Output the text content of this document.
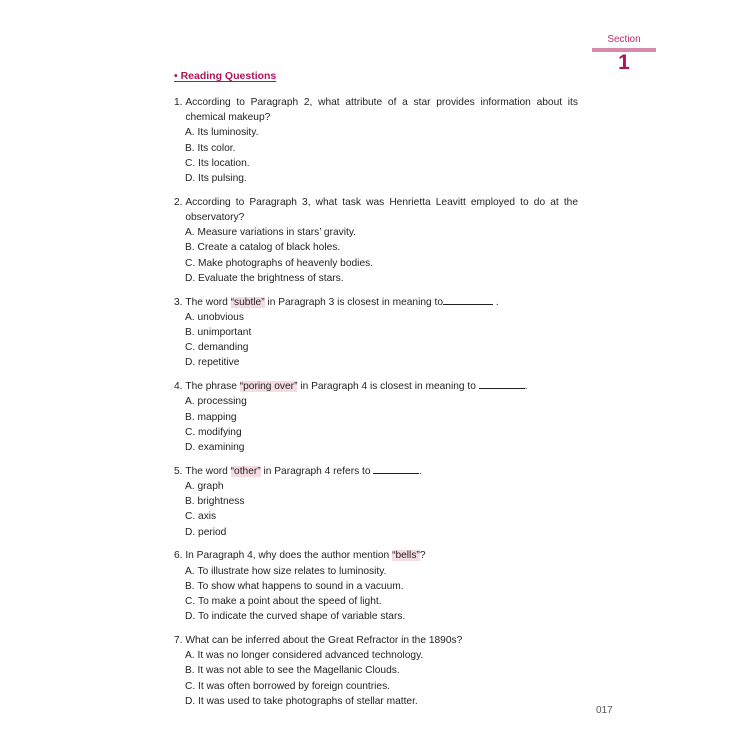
Section
1
• Reading Questions
1. According to Paragraph 2, what attribute of a star provides information about its chemical makeup?
A.
Its luminosity.
B.
Its color.
C.
Its location.
D.
Its pulsing.
2. According to Paragraph 3, what task was Henrietta Leavitt employed to do at the observatory?
A.
Measure variations in stars’ gravity.
B.
Create a catalog of black holes.
C.
Make photographs of heavenly bodies.
D.
Evaluate the brightness of stars.
3. The word “subtle” in Paragraph 3 is closest in meaning to	.
A.
unobvious
B.
unimportant
C.
demanding
D.
repetitive
4. The phrase “poring over” in Paragraph 4 is closest in meaning to	.
A.
processing
B.
mapping
C.
modifying
D.
examining
5. The word “other” in Paragraph 4 refers to	.
A.
graph
B.
brightness
C.
axis
D.
period
6. In Paragraph 4, why does the author mention “bells”?
A.
To illustrate how size relates to luminosity.
B.
To show what happens to sound in a vacuum.
C.
To make a point about the speed of light.
D.
To indicate the curved shape of variable stars.
7. What can be inferred about the Great Refractor in the 1890s?
A.
It was no longer considered advanced technology.
B.
It was not able to see the Magellanic Clouds.
C.
It was often borrowed by foreign countries.
D.
It was used to take photographs of stellar matter.
017
